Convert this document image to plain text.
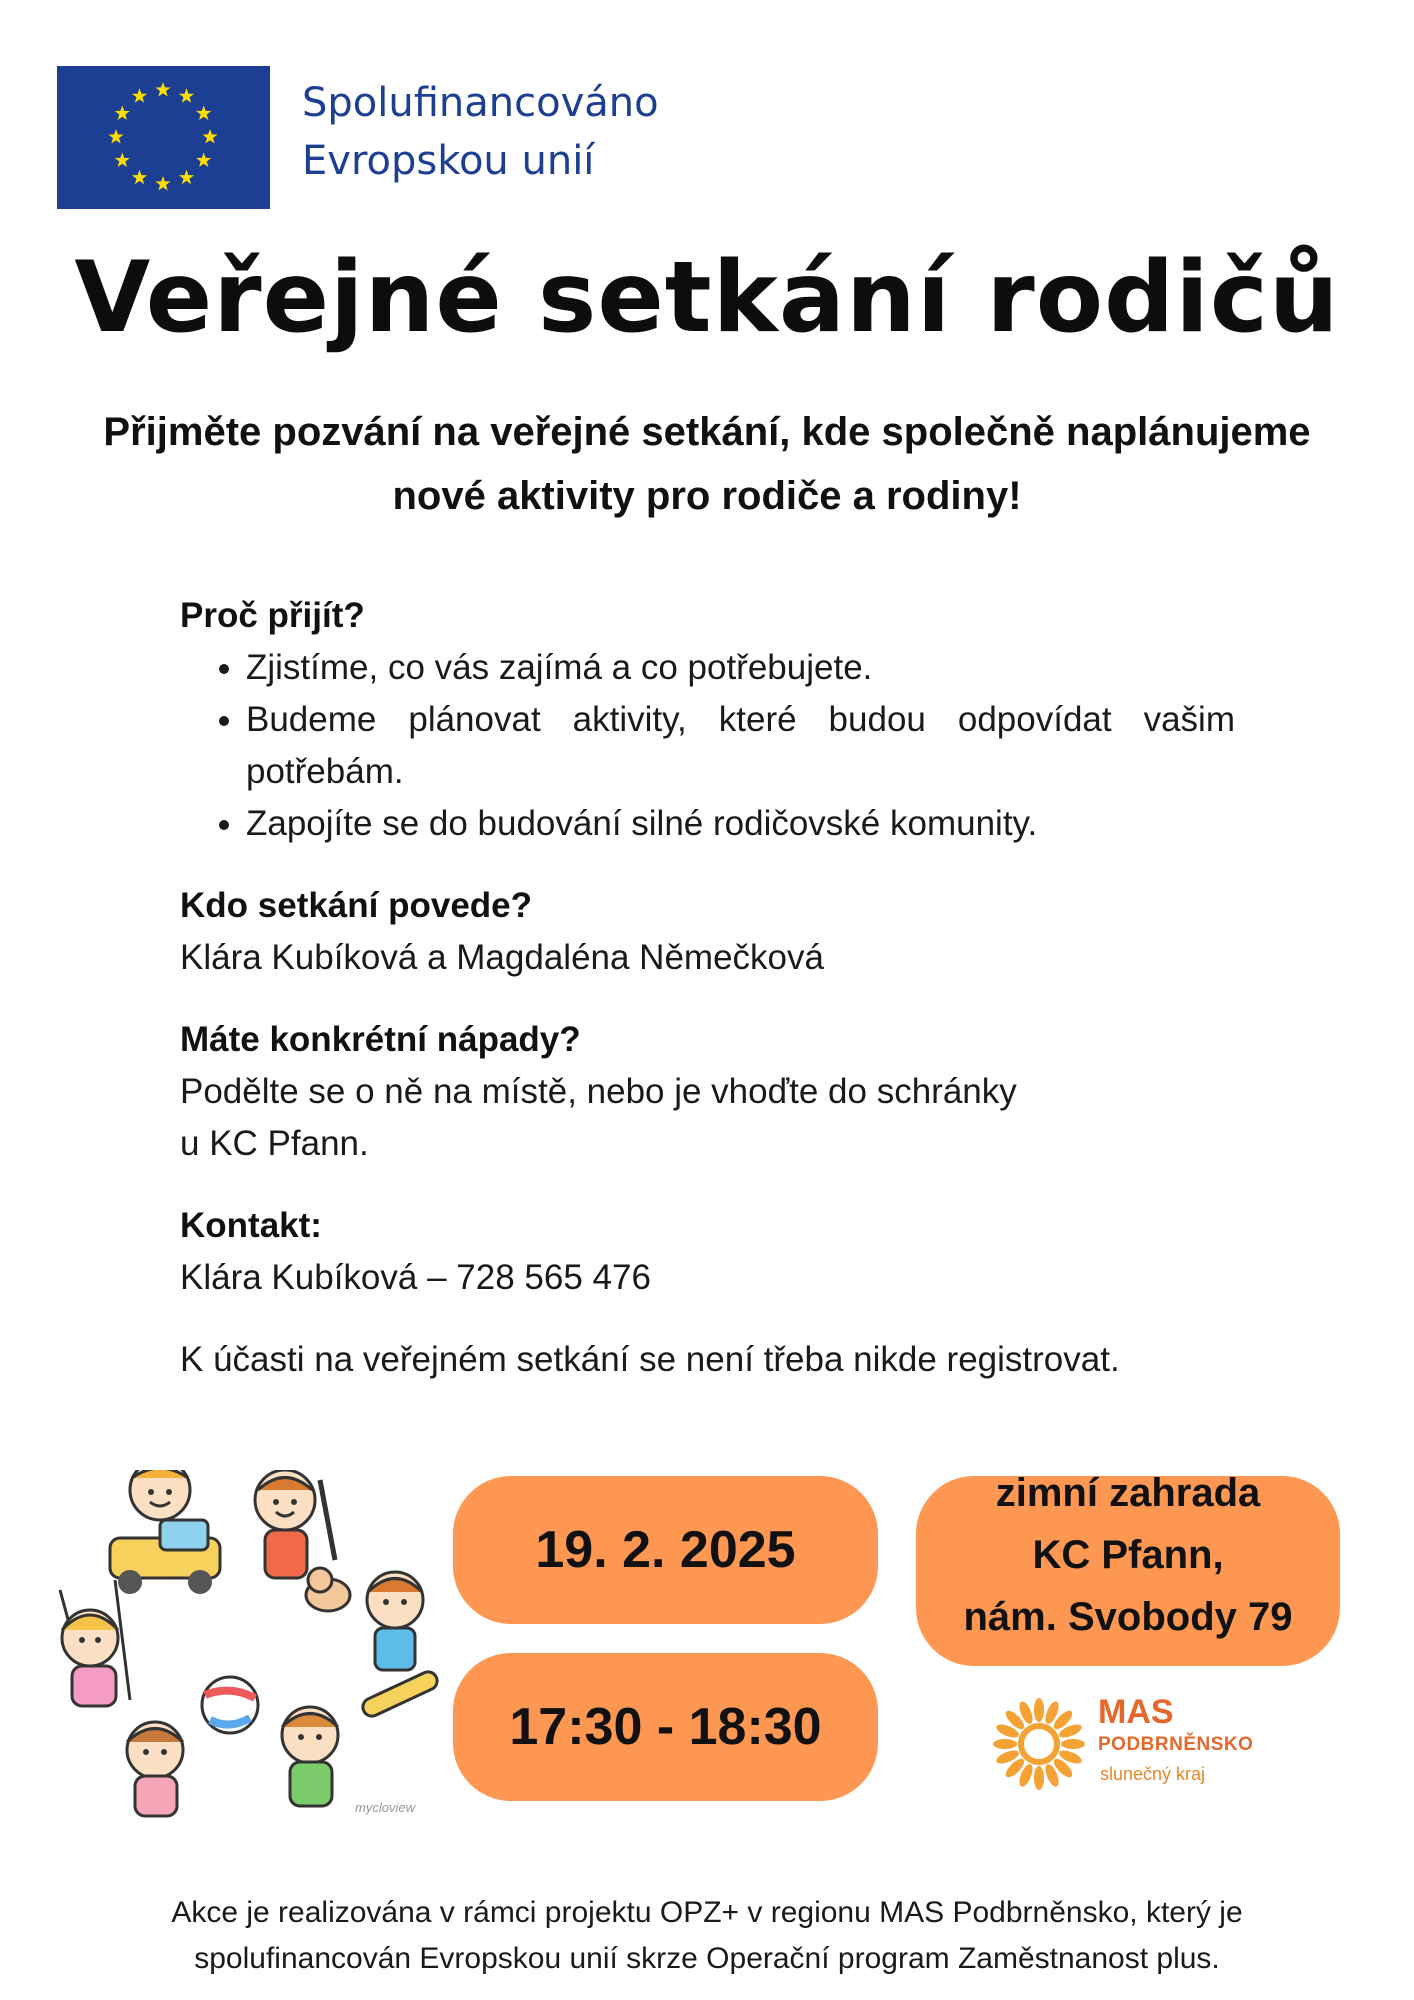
Spolufinancováno
Evropskou unií
Veřejné setkání rodičů
Přijměte pozvání na veřejné setkání, kde společně naplánujeme
nové aktivity pro rodiče a rodiny!
Proč přijít?
• Zjistíme, co vás zajímá a co potřebujete.
• Budeme plánovat aktivity, které budou odpovídat vašim potřebám.
• Zapojíte se do budování silné rodičovské komunity.
Kdo setkání povede?
Klára Kubíková a Magdaléna Němečková
Máte konkrétní nápady?
Podělte se o ně na místě, nebo je vhoďte do schránky
u KC Pfann.
Kontakt:
Klára Kubíková – 728 565 476
K účasti na veřejném setkání se není třeba nikde registrovat.
mycloview
19. 2. 2025
17:30 - 18:30
zimní zahrada
KC Pfann,
nám. Svobody 79
MAS
PODBRNĚNSKO
slunečný kraj
Akce je realizována v rámci projektu OPZ+ v regionu MAS Podbrněnsko, který je
spolufinancován Evropskou unií skrze Operační program Zaměstnanost plus.
